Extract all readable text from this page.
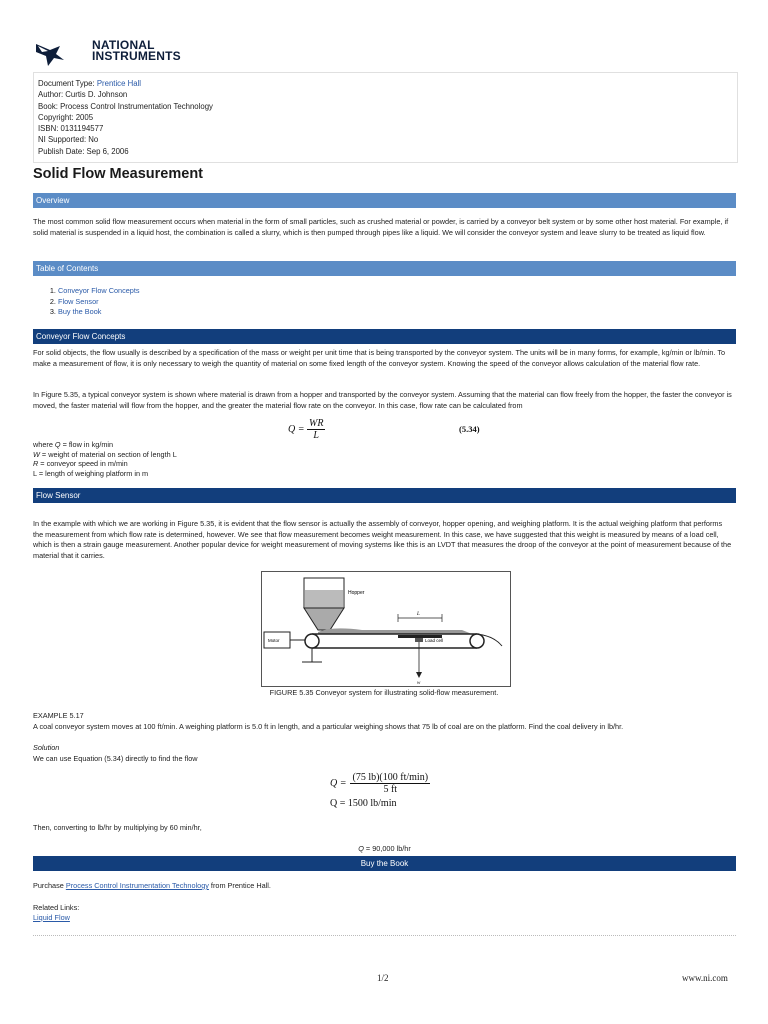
NATIONAL
INSTRUMENTS
Document Type: Prentice Hall
Author: Curtis D. Johnson
Book: Process Control Instrumentation Technology
Copyright: 2005
ISBN: 0131194577
NI Supported: No
Publish Date: Sep 6, 2006
Solid Flow Measurement
Overview
The most common solid flow measurement occurs when material in the form of small particles, such as crushed material or powder, is carried by a conveyor belt system or by some other host material. For example, if solid material is suspended in a liquid host, the combination is called a slurry, which is then pumped through pipes like a liquid. We will consider the conveyor system and leave slurry to be treated as liquid flow.
Table of Contents
1. Conveyor Flow Concepts
2. Flow Sensor
3. Buy the Book
Conveyor Flow Concepts
For solid objects, the flow usually is described by a specification of the mass or weight per unit time that is being transported by the conveyor system. The units will be in many forms, for example, kg/min or lb/min. To make a measurement of flow, it is only necessary to weigh the quantity of material on some fixed length of the conveyor system. Knowing the speed of the conveyor allows calculation of the material flow rate.
In Figure 5.35, a typical conveyor system is shown where material is drawn from a hopper and transported by the conveyor system. Assuming that the material can flow freely from the hopper, the faster the conveyor is moved, the faster material will flow from the hopper, and the greater the material flow rate on the conveyor. In this case, flow rate can be calculated from
$Q = \frac{WR}{L}$	(5.34)
where Q = flow in kg/min
W = weight of material on section of length L
R = conveyor speed in m/min
L = length of weighing platform in m
Flow Sensor
In the example with which we are working in Figure 5.35, it is evident that the flow sensor is actually the assembly of conveyor, hopper opening, and weighing platform. It is the actual weighing platform that performs the measurement from which flow rate is determined, however. We see that flow measurement becomes weight measurement. In this case, we have suggested that this weight is measured by means of a load cell, which is then a strain gauge measurement. Another popular device for weight measurement of moving systems like this is an LVDT that measures the droop of the conveyor at the point of measurement because of the material that it carries.
Hopper
Motor
L
Load cell
w
FIGURE 5.35 Conveyor system for illustrating solid-flow measurement.
EXAMPLE 5.17
A coal conveyor system moves at 100 ft/min. A weighing platform is 5.0 ft in length, and a particular weighing shows that 75 lb of coal are on the platform. Find the coal delivery in lb/hr.
Solution
We can use Equation (5.34) directly to find the flow
$Q = \frac{(75 lb)(100 ft/\min)}{5 ft}$
Q = 1500 lb/min
Then, converting to lb/hr by multiplying by 60 min/hr,
Q = 90,000 lb/hr
Buy the Book
Purchase Process Control Instrumentation Technology from Prentice Hall.
Related Links:
Liquid Flow
1/2	www.ni.com
